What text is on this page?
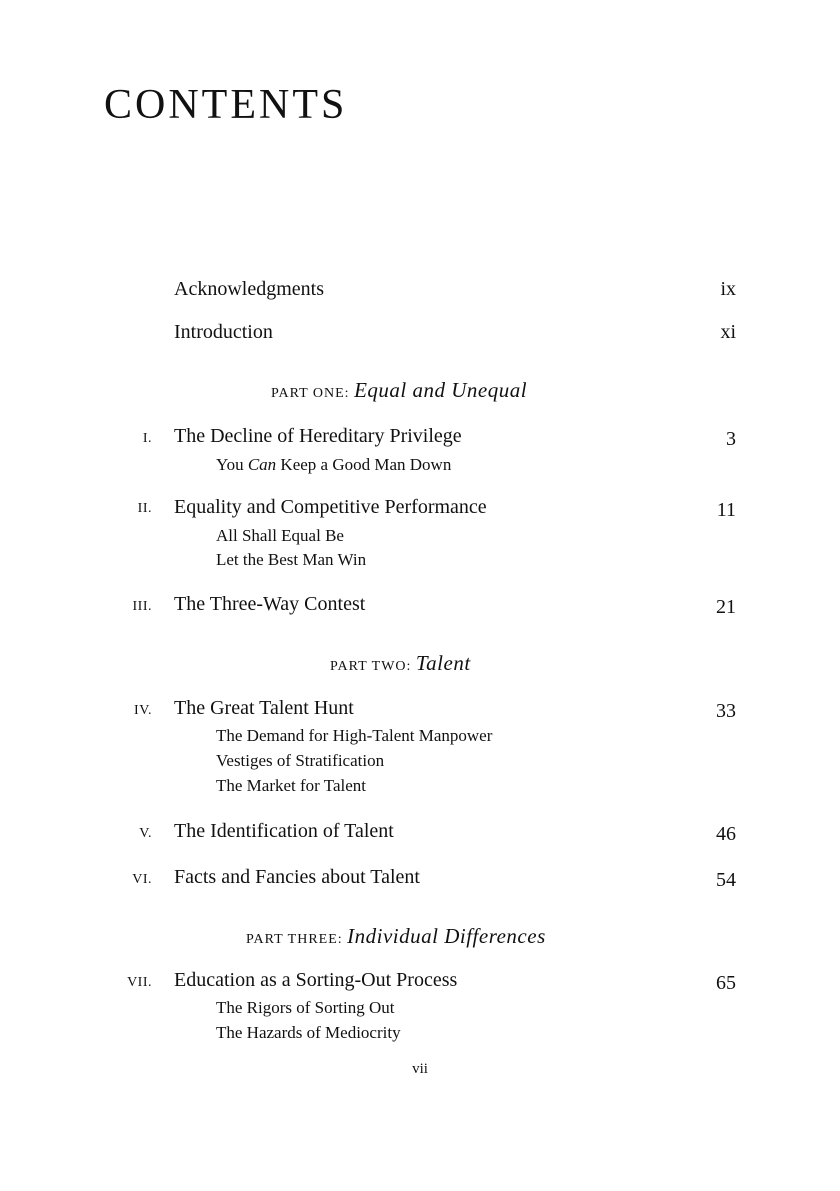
CONTENTS
Acknowledgments	ix
Introduction	xi
PART ONE: Equal and Unequal
I. The Decline of Hereditary Privilege	3
You Can Keep a Good Man Down
II. Equality and Competitive Performance	11
All Shall Equal Be
Let the Best Man Win
III. The Three-Way Contest	21
PART TWO: Talent
IV. The Great Talent Hunt	33
The Demand for High-Talent Manpower
Vestiges of Stratification
The Market for Talent
V. The Identification of Talent	46
VI. Facts and Fancies about Talent	54
PART THREE: Individual Differences
VII. Education as a Sorting-Out Process	65
The Rigors of Sorting Out
The Hazards of Mediocrity
vii
